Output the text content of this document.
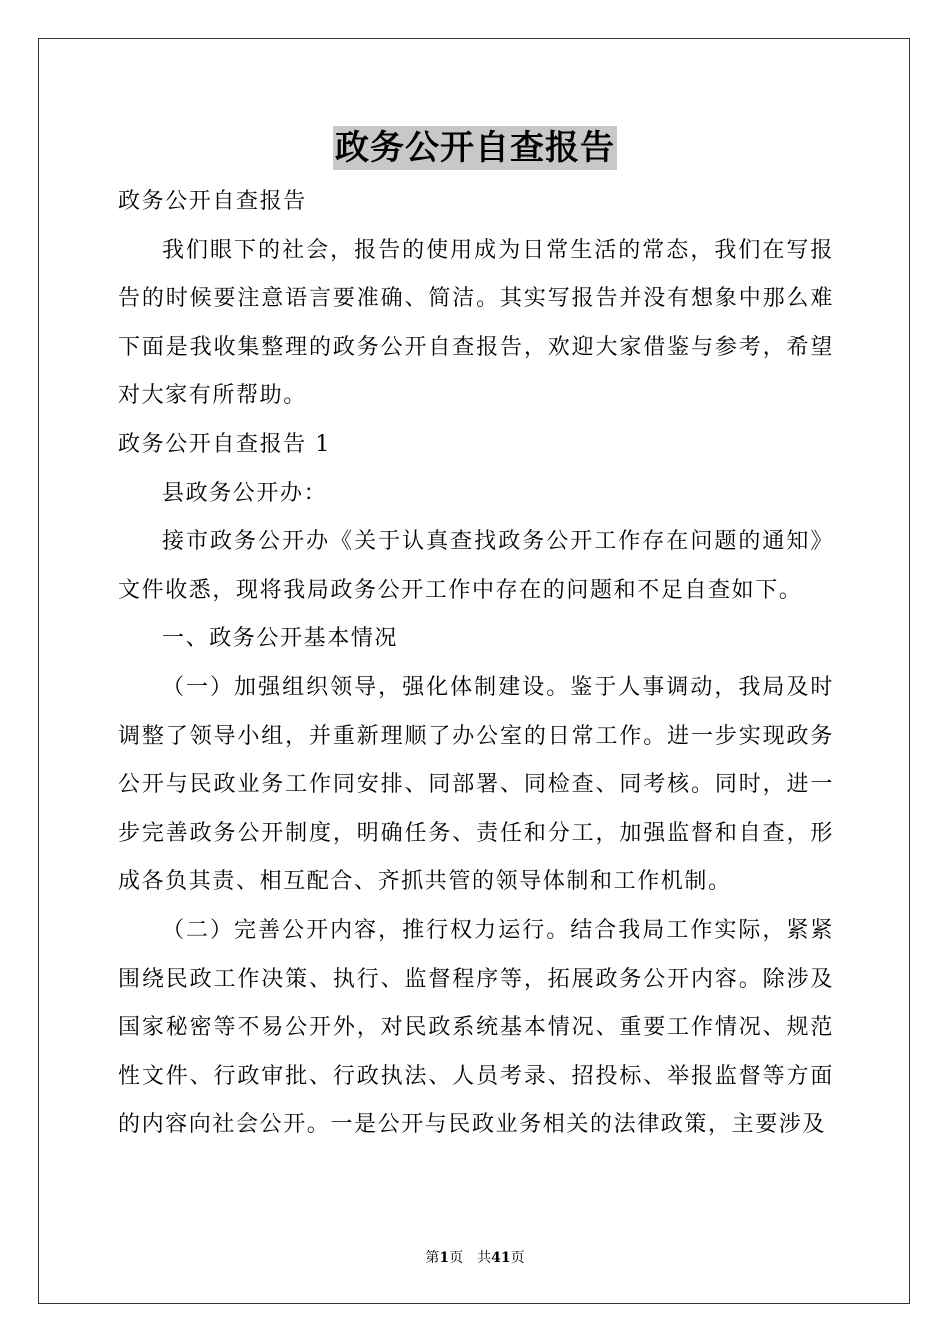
政务公开自查报告

政务公开自查报告

我们眼下的社会，报告的使用成为日常生活的常态，我们在写报告的时候要注意语言要准确、简洁。其实写报告并没有想象中那么难下面是我收集整理的政务公开自查报告，欢迎大家借鉴与参考，希望对大家有所帮助。

政务公开自查报告 1

县政务公开办：

接市政务公开办《关于认真查找政务公开工作存在问题的通知》文件收悉，现将我局政务公开工作中存在的问题和不足自查如下。

一、政务公开基本情况

（一）加强组织领导，强化体制建设。鉴于人事调动，我局及时调整了领导小组，并重新理顺了办公室的日常工作。进一步实现政务公开与民政业务工作同安排、同部署、同检查、同考核。同时，进一步完善政务公开制度，明确任务、责任和分工，加强监督和自查，形成各负其责、相互配合、齐抓共管的领导体制和工作机制。

（二）完善公开内容，推行权力运行。结合我局工作实际，紧紧围绕民政工作决策、执行、监督程序等，拓展政务公开内容。除涉及国家秘密等不易公开外，对民政系统基本情况、重要工作情况、规范性文件、行政审批、行政执法、人员考录、招投标、举报监督等方面的内容向社会公开。一是公开与民政业务相关的法律政策，主要涉及

第1页 共41页
